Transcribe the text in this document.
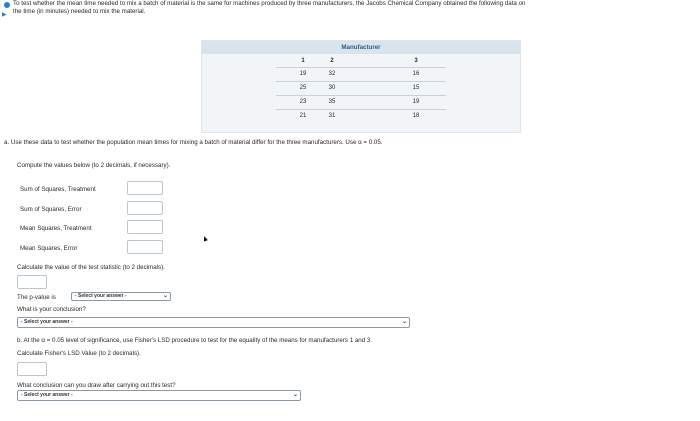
▶
To test whether the mean time needed to mix a batch of material is the same for machines produced by three manufacturers, the Jacobs Chemical Company obtained the following data on
the time (in minutes) needed to mix the material.
Manufacturer
1	2	3
19	32	16
25	30	15
23	35	19
21	31	18
a. Use these data to test whether the population mean times for mixing a batch of material differ for the three manufacturers. Use α = 0.05.
Compute the values below (to 2 decimals, if necessary).
Sum of Squares, Treatment
Sum of Squares, Error
Mean Squares, Treatment
Mean Squares, Error
Calculate the value of the test statistic (to 2 decimals).
The p-value is	- Select your answer -	⌄
What is your conclusion?
- Select your answer -	⌄
b. At the α = 0.05 level of significance, use Fisher's LSD procedure to test for the equality of the means for manufacturers 1 and 3.
Calculate Fisher's LSD Value (to 2 decimals).
What conclusion can you draw after carrying out this test?
- Select your answer -	⌄
